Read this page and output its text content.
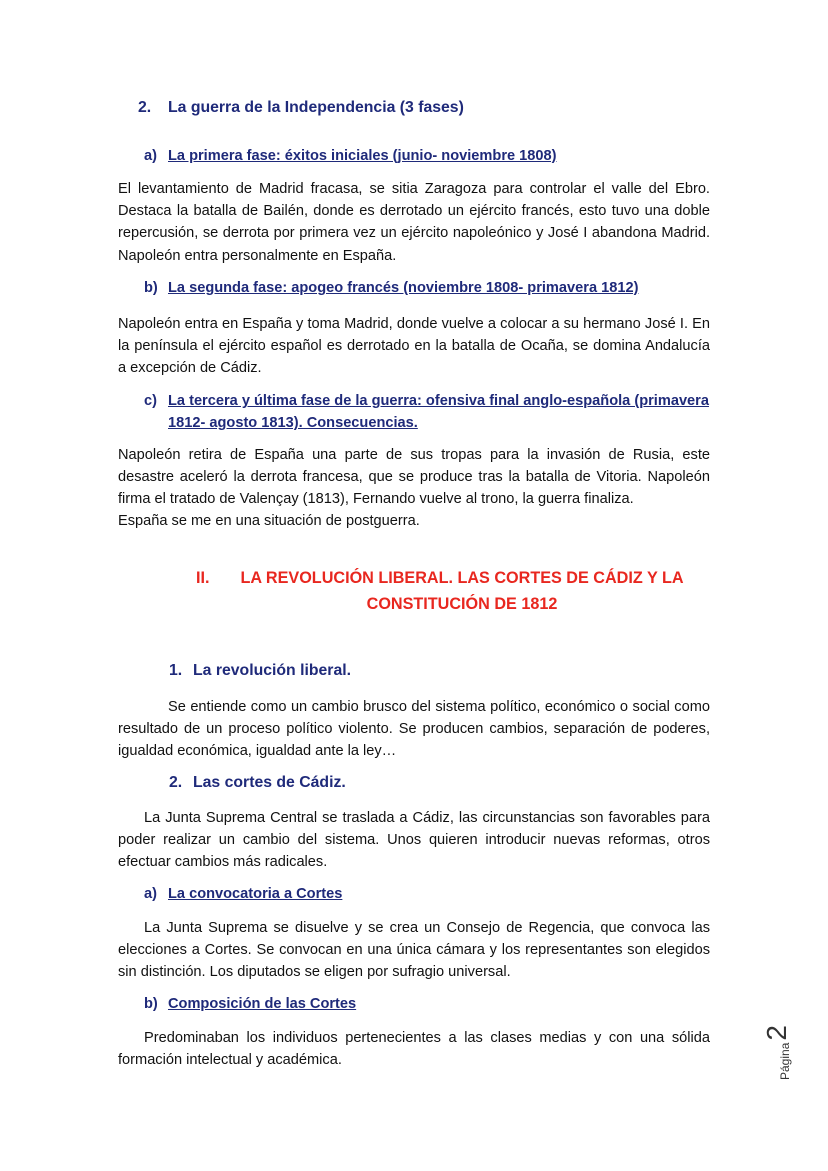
2. La guerra de la Independencia (3 fases)
a) La primera fase: éxitos iniciales (junio- noviembre 1808)

El levantamiento de Madrid fracasa, se sitia Zaragoza para controlar el valle del Ebro. Destaca la batalla de Bailén, donde es derrotado un ejército francés, esto tuvo una doble repercusión, se derrota por primera vez un ejército napoleónico y José I abandona Madrid. Napoleón entra personalmente en España.

b) La segunda fase: apogeo francés (noviembre 1808- primavera 1812)

Napoleón entra en España y toma Madrid, donde vuelve a colocar a su hermano José I. En la península el ejército español es derrotado en la batalla de Ocaña, se domina Andalucía a excepción de Cádiz.

c) La tercera y última fase de la guerra: ofensiva final anglo-española (primavera
1812- agosto 1813). Consecuencias.

Napoleón retira de España una parte de sus tropas para la invasión de Rusia, este desastre aceleró la derrota francesa, que se produce tras la batalla de Vitoria. Napoleón firma el tratado de Valençay (1813), Fernando vuelve al trono, la guerra finaliza.

España se me en una situación de postguerra.

II.	LA REVOLUCIÓN LIBERAL. LAS CORTES DE CÁDIZ Y LA
CONSTITUCIÓN DE 1812
1. La revolución liberal.

Se entiende como un cambio brusco del sistema político, económico o social como resultado de un proceso político violento. Se producen cambios, separación de poderes, igualdad económica, igualdad ante la ley…

2. Las cortes de Cádiz.

La Junta Suprema Central se traslada a Cádiz, las circunstancias son favorables para poder realizar un cambio del sistema. Unos quieren introducir nuevas reformas, otros efectuar cambios más radicales.

a) La convocatoria a Cortes

La Junta Suprema se disuelve y se crea un Consejo de Regencia, que convoca las elecciones a Cortes. Se convocan en una única cámara y los representantes son elegidos sin distinción. Los diputados se eligen por sufragio universal.

b) Composición de las Cortes

Predominaban los individuos pertenecientes a las clases medias y con una sólida formación intelectual y académica.	Página
2
